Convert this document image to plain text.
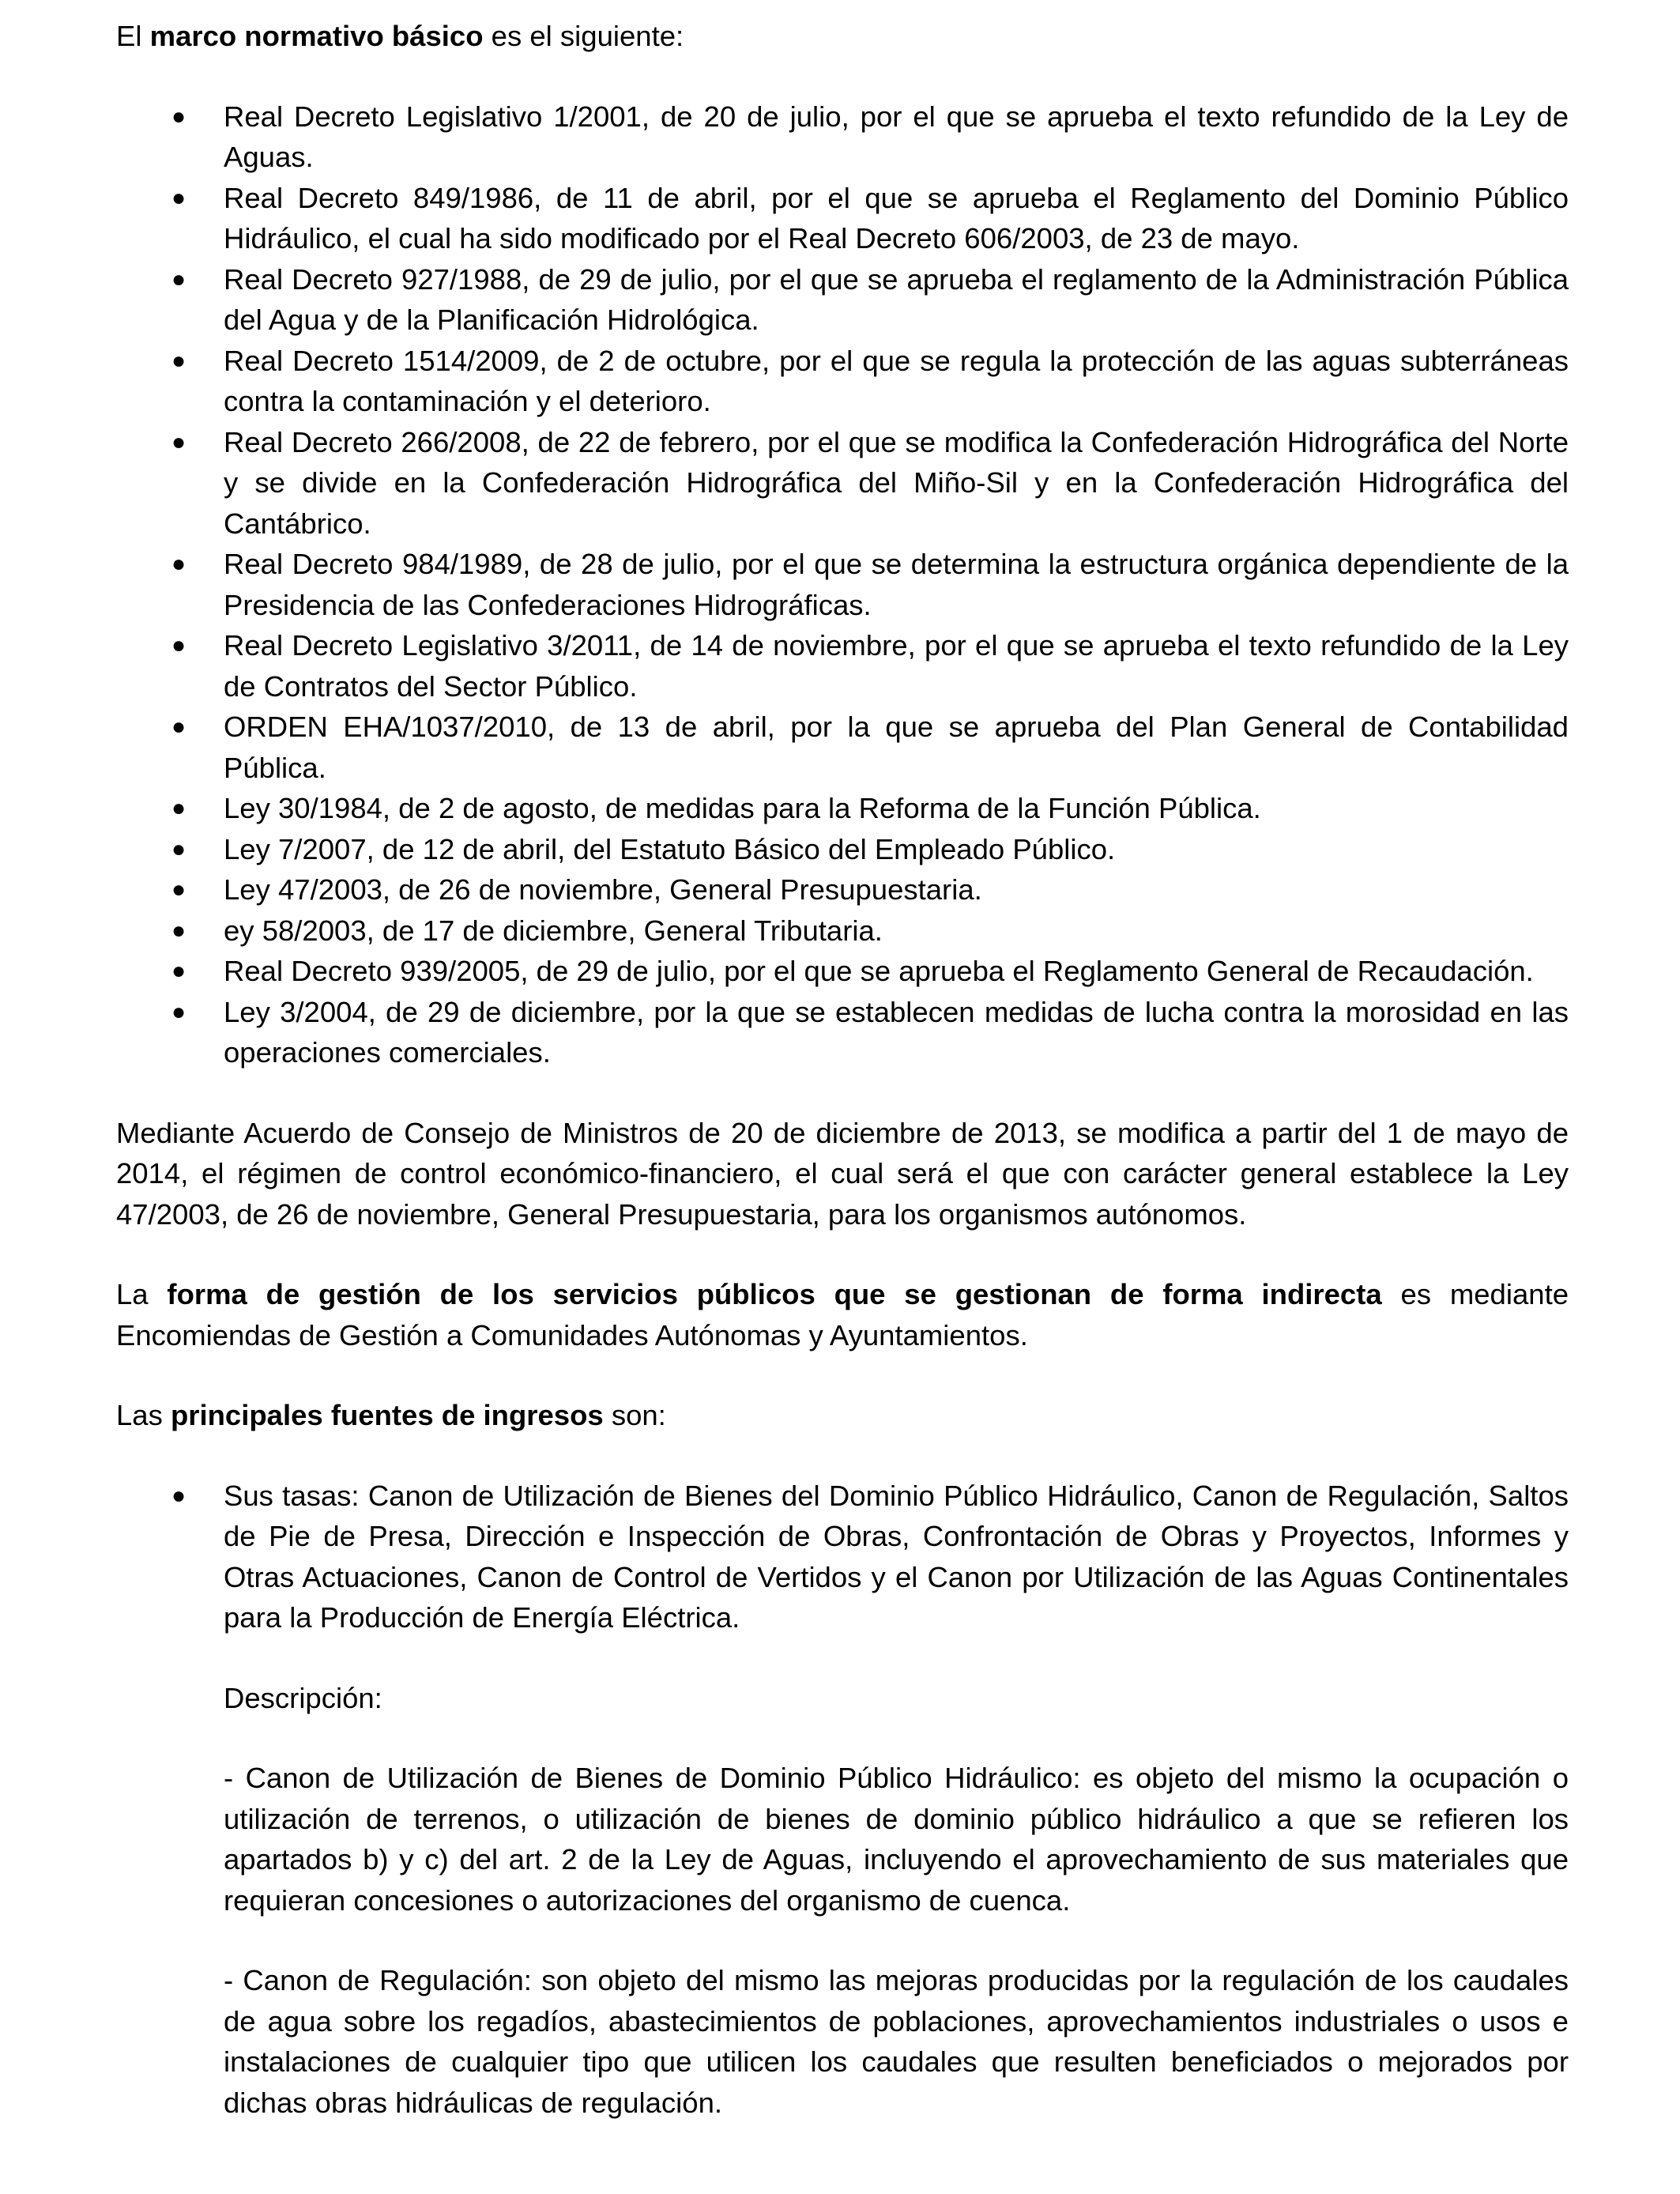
El marco normativo básico es el siguiente:

● Real Decreto Legislativo 1/2001, de 20 de julio, por el que se aprueba el texto refundido de la Ley de Aguas.
● Real Decreto 849/1986, de 11 de abril, por el que se aprueba el Reglamento del Dominio Público Hidráulico, el cual ha sido modificado por el Real Decreto 606/2003, de 23 de mayo.
● Real Decreto 927/1988, de 29 de julio, por el que se aprueba el reglamento de la Administración Pública del Agua y de la Planificación Hidrológica.
● Real Decreto 1514/2009, de 2 de octubre, por el que se regula la protección de las aguas subterráneas contra la contaminación y el deterioro.
● Real Decreto 266/2008, de 22 de febrero, por el que se modifica la Confederación Hidrográfica del Norte y se divide en la Confederación Hidrográfica del Miño-Sil y en la Confederación Hidrográfica del Cantábrico.
● Real Decreto 984/1989, de 28 de julio, por el que se determina la estructura orgánica dependiente de la Presidencia de las Confederaciones Hidrográficas.
● Real Decreto Legislativo 3/2011, de 14 de noviembre, por el que se aprueba el texto refundido de la Ley de Contratos del Sector Público.
● ORDEN EHA/1037/2010, de 13 de abril, por la que se aprueba del Plan General de Contabilidad Pública.
● Ley 30/1984, de 2 de agosto, de medidas para la Reforma de la Función Pública.
● Ley 7/2007, de 12 de abril, del Estatuto Básico del Empleado Público.
● Ley 47/2003, de 26 de noviembre, General Presupuestaria.
● ey 58/2003, de 17 de diciembre, General Tributaria.
● Real Decreto 939/2005, de 29 de julio, por el que se aprueba el Reglamento General de Recaudación.
● Ley 3/2004, de 29 de diciembre, por la que se establecen medidas de lucha contra la morosidad en las operaciones comerciales.

Mediante Acuerdo de Consejo de Ministros de 20 de diciembre de 2013, se modifica a partir del 1 de mayo de 2014, el régimen de control económico-financiero, el cual será el que con carácter general establece la Ley 47/2003, de 26 de noviembre, General Presupuestaria, para los organismos autónomos.

La forma de gestión de los servicios públicos que se gestionan de forma indirecta es mediante Encomiendas de Gestión a Comunidades Autónomas y Ayuntamientos.

Las principales fuentes de ingresos son:

● Sus tasas: Canon de Utilización de Bienes del Dominio Público Hidráulico, Canon de Regulación, Saltos de Pie de Presa, Dirección e Inspección de Obras, Confrontación de Obras y Proyectos, Informes y Otras Actuaciones, Canon de Control de Vertidos y el Canon por Utilización de las Aguas Continentales para la Producción de Energía Eléctrica.

Descripción:

- Canon de Utilización de Bienes de Dominio Público Hidráulico: es objeto del mismo la ocupación o utilización de terrenos, o utilización de bienes de dominio público hidráulico a que se refieren los apartados b) y c) del art. 2 de la Ley de Aguas, incluyendo el aprovechamiento de sus materiales que requieran concesiones o autorizaciones del organismo de cuenca.

- Canon de Regulación: son objeto del mismo las mejoras producidas por la regulación de los caudales de agua sobre los regadíos, abastecimientos de poblaciones, aprovechamientos industriales o usos e instalaciones de cualquier tipo que utilicen los caudales que resulten beneficiados o mejorados por dichas obras hidráulicas de regulación.
